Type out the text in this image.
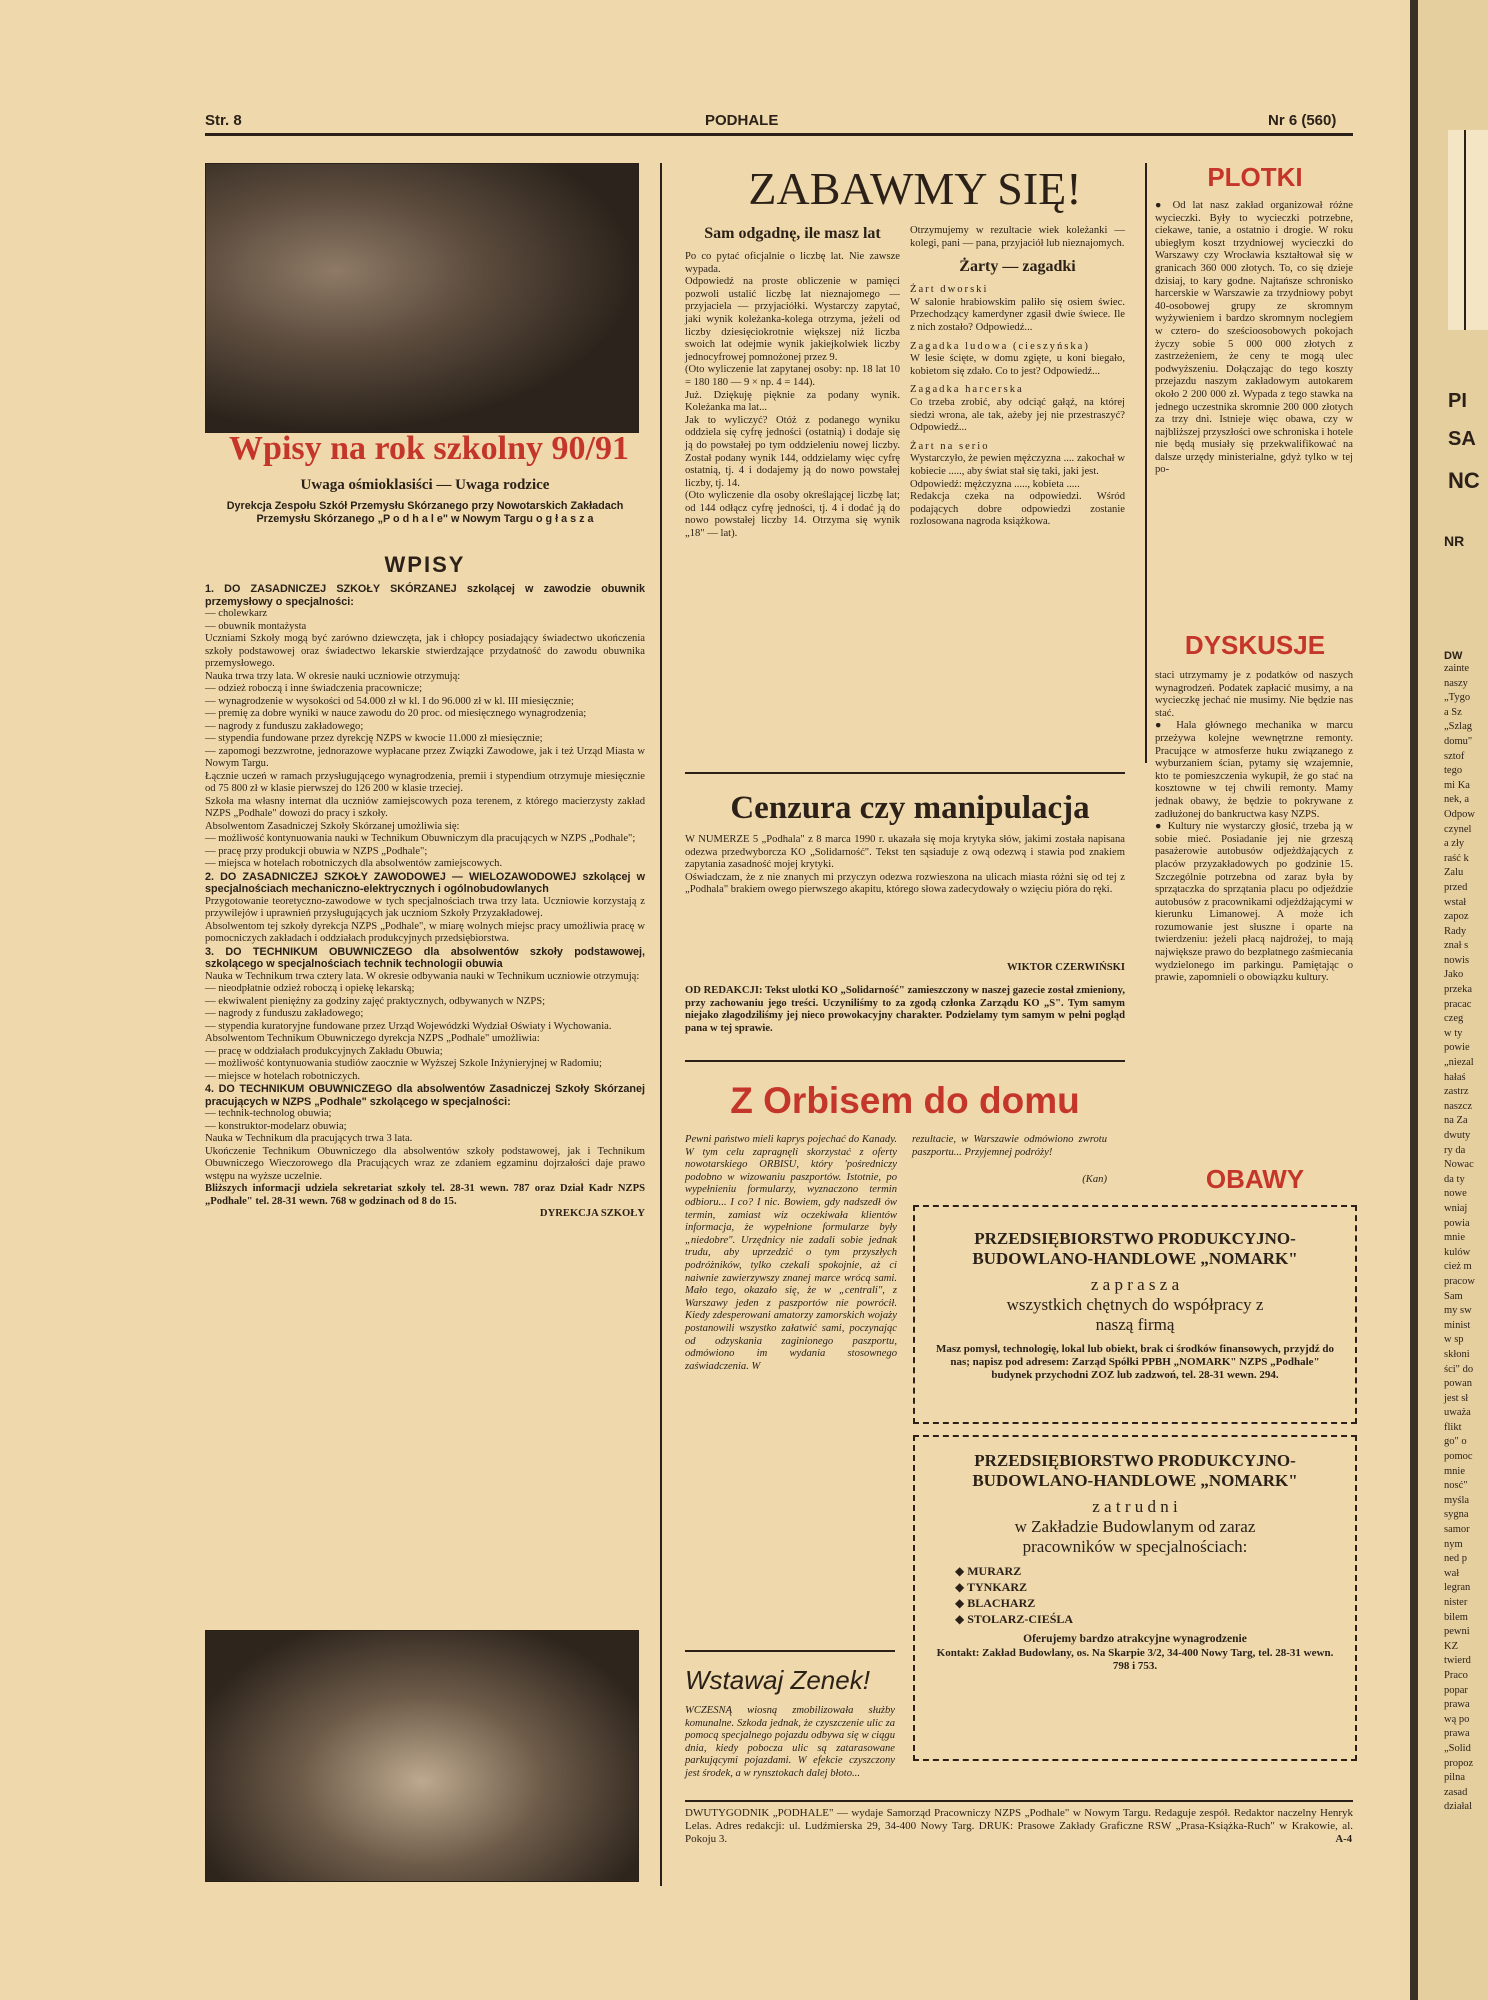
Str. 8	PODHALE	Nr 6 (560)
Wpisy na rok szkolny 90/91
Uwaga ośmioklasiści — Uwaga rodzice
Dyrekcja Zespołu Szkół Przemysłu Skórzanego przy Nowotarskich Zakładach Przemysłu Skórzanego „P o d h a l e" w Nowym Targu o g ł a s z a
WPISY
1. DO ZASADNICZEJ SZKOŁY SKÓRZANEJ szkolącej w zawodzie obuwnik przemysłowy o specjalności:
— cholewkarz
— obuwnik montażysta
Uczniami Szkoły mogą być zarówno dziewczęta, jak i chłopcy posiadający świadectwo ukończenia szkoły podstawowej oraz świadectwo lekarskie stwierdzające przydatność do zawodu obuwnika przemysłowego.
Nauka trwa trzy lata. W okresie nauki uczniowie otrzymują:
— odzież roboczą i inne świadczenia pracownicze;
— wynagrodzenie w wysokości od 54.000 zł w kl. I do 96.000 zł w kl. III miesięcznie;
— premię za dobre wyniki w nauce zawodu do 20 proc. od miesięcznego wynagrodzenia;
— nagrody z funduszu zakładowego;
— stypendia fundowane przez dyrekcję NZPS w kwocie 11.000 zł miesięcznie;
— zapomogi bezzwrotne, jednorazowe wypłacane przez Związki Zawodowe, jak i też Urząd Miasta w Nowym Targu.
Łącznie uczeń w ramach przysługującego wynagrodzenia, premii i stypendium otrzymuje miesięcznie od 75 800 zł w klasie pierwszej do 126 200 w klasie trzeciej.
Szkoła ma własny internat dla uczniów zamiejscowych poza terenem, z którego macierzysty zakład NZPS „Podhale" dowozi do pracy i szkoły.
Absolwentom Zasadniczej Szkoły Skórzanej umożliwia się:
— możliwość kontynuowania nauki w Technikum Obuwniczym dla pracujących w NZPS „Podhale";
— pracę przy produkcji obuwia w NZPS „Podhale";
— miejsca w hotelach robotniczych dla absolwentów zamiejscowych.
2. DO ZASADNICZEJ SZKOŁY ZAWODOWEJ — WIELOZAWODOWEJ szkolącej w specjalnościach mechaniczno-elektrycznych i ogólnobudowlanych
Przygotowanie teoretyczno-zawodowe w tych specjalnościach trwa trzy lata. Uczniowie korzystają z przywilejów i uprawnień przysługujących jak uczniom Szkoły Przyzakładowej.
Absolwentom tej szkoły dyrekcja NZPS „Podhale", w miarę wolnych miejsc pracy umożliwia pracę w pomocniczych zakładach i oddziałach produkcyjnych przedsiębiorstwa.
3. DO TECHNIKUM OBUWNICZEGO dla absolwentów szkoły podstawowej, szkolącego w specjalnościach technik technologii obuwia
Nauka w Technikum trwa cztery lata. W okresie odbywania nauki w Technikum uczniowie otrzymują:
— nieodpłatnie odzież roboczą i opiekę lekarską;
— ekwiwalent pieniężny za godziny zajęć praktycznych, odbywanych w NZPS;
— nagrody z funduszu zakładowego;
— stypendia kuratoryjne fundowane przez Urząd Wojewódzki Wydział Oświaty i Wychowania.
Absolwentom Technikum Obuwniczego dyrekcja NZPS „Podhale" umożliwia:
— pracę w oddziałach produkcyjnych Zakładu Obuwia;
— możliwość kontynuowania studiów zaocznie w Wyższej Szkole Inżynieryjnej w Radomiu;
— miejsce w hotelach robotniczych.
4. DO TECHNIKUM OBUWNICZEGO dla absolwentów Zasadniczej Szkoły Skórzanej pracujących w NZPS „Podhale" szkolącego w specjalności:
— technik-technolog obuwia;
— konstruktor-modelarz obuwia;
Nauka w Technikum dla pracujących trwa 3 lata.
Ukończenie Technikum Obuwniczego dla absolwentów szkoły podstawowej, jak i Technikum Obuwniczego Wieczorowego dla Pracujących wraz ze zdaniem egzaminu dojrzałości daje prawo wstępu na wyższe uczelnie.
Bliższych informacji udziela sekretariat szkoły tel. 28-31 wewn. 787 oraz Dział Kadr NZPS „Podhale" tel. 28-31 wewn. 768 w godzinach od 8 do 15.
DYREKCJA SZKOŁY
ZABAWMY SIĘ!
Sam odgadnę, ile masz lat
Po co pytać oficjalnie o liczbę lat. Nie zawsze wypada.
Odpowiedź na proste obliczenie w pamięci pozwoli ustalić liczbę lat nieznajomego — przyjaciela — przyjaciółki. Wystarczy zapytać, jaki wynik koleżanka-kolega otrzyma, jeżeli od liczby dziesięciokrotnie większej niż liczba swoich lat odejmie wynik jakiejkolwiek liczby jednocyfrowej pomnożonej przez 9.
(Oto wyliczenie lat zapytanej osoby: np. 18 lat 10 = 180 180 — 9 × np. 4 = 144).
Już. Dziękuję pięknie za podany wynik. Koleżanka ma lat...
Jak to wyliczyć? Otóż z podanego wyniku oddziela się cyfrę jedności (ostatnią) i dodaje się ją do powstałej po tym oddzieleniu nowej liczby. Został podany wynik 144, oddzielamy więc cyfrę ostatnią, tj. 4 i dodajemy ją do nowo powstałej liczby, tj. 14.
(Oto wyliczenie dla osoby określającej liczbę lat; od 144 odłącz cyfrę jedności, tj. 4 i dodać ją do nowo powstałej liczby 14. Otrzyma się wynik „18" — lat).
Otrzymujemy w rezultacie wiek koleżanki — kolegi, pani — pana, przyjaciół lub nieznajomych.
Żarty — zagadki
Żart dworski
W salonie hrabiowskim paliło się osiem świec. Przechodzący kamerdyner zgasił dwie świece. Ile z nich zostało? Odpowiedź...
Zagadka ludowa (cieszyńska)
W lesie ścięte, w domu zgięte, u koni biegało, kobietom się zdało. Co to jest? Odpowiedź...
Zagadka harcerska
Co trzeba zrobić, aby odciąć gałąź, na której siedzi wrona, ale tak, ażeby jej nie przestraszyć? Odpowiedź...
Żart na serio
Wystarczyło, że pewien mężczyzna .... zakochał w kobiecie ....., aby świat stał się taki, jaki jest.
Odpowiedź: mężczyzna ....., kobieta .....
Redakcja czeka na odpowiedzi. Wśród podających dobre odpowiedzi zostanie rozlosowana nagroda książkowa.
Cenzura czy manipulacja
W NUMERZE 5 „Podhala" z 8 marca 1990 r. ukazała się moja krytyka słów, jakimi została napisana odezwa przedwyborcza KO „Solidarność". Tekst ten sąsiaduje z ową odezwą i stawia pod znakiem zapytania zasadność mojej krytyki.
Oświadczam, że z nie znanych mi przyczyn odezwa rozwieszona na ulicach miasta różni się od tej z „Podhala" brakiem owego pierwszego akapitu, którego słowa zadecydowały o wzięciu pióra do ręki.
WIKTOR CZERWIŃSKI
OD REDAKCJI: Tekst ulotki KO „Solidarność" zamieszczony w naszej gazecie został zmieniony, przy zachowaniu jego treści. Uczyniliśmy to za zgodą członka Zarządu KO „S". Tym samym niejako złagodziliśmy jej nieco prowokacyjny charakter. Podzielamy tym samym w pełni pogląd pana w tej sprawie.
Z Orbisem do domu
Pewni państwo mieli kaprys pojechać do Kanady. W tym celu zapragnęli skorzystać z oferty nowotarskiego ORBISU, który 'pośredniczy podobno w wizowaniu paszportów. Istotnie, po wypełnieniu formularzy, wyznaczono termin odbioru... I co? I nic. Bowiem, gdy nadszedł ów termin, zamiast wiz oczekiwała klientów informacja, że wypełnione formularze były „niedobre". Urzędnicy nie zadali sobie jednak trudu, aby uprzedzić o tym przyszłych podróżników, tylko czekali spokojnie, aż ci naiwnie zawierzywszy znanej marce wrócą sami. Mało tego, okazało się, że w „centrali", z Warszawy jeden z paszportów nie powrócił. Kiedy zdesperowani amatorzy zamorskich wojaży postanowili wszystko załatwić sami, poczynając od odzyskania zaginionego paszportu, odmówiono im wydania stosownego zaświadczenia. W
rezultacie, w Warszawie odmówiono zwrotu paszportu... Przyjemnej podróży!
(Kan)
Wstawaj Zenek!
WCZESNĄ wiosną zmobilizowała służby komunalne. Szkoda jednak, że czyszczenie ulic za pomocą specjalnego pojazdu odbywa się w ciągu dnia, kiedy pobocza ulic są zatarasowane parkującymi pojazdami. W efekcie czyszczony jest środek, a w rynsztokach dalej błoto...
PRZEDSIĘBIORSTWO PRODUKCYJNO-BUDOWLANO-HANDLOWE „NOMARK"
z a p r a s z a
wszystkich chętnych do współpracy z naszą firmą
Masz pomysł, technologię, lokal lub obiekt, brak ci środków finansowych, przyjdź do nas; napisz pod adresem: Zarząd Spółki PPBH „NOMARK" NZPS „Podhale" budynek przychodni ZOZ lub zadzwoń, tel. 28-31 wewn. 294.
PRZEDSIĘBIORSTWO PRODUKCYJNO-BUDOWLANO-HANDLOWE „NOMARK"
z a t r u d n i
w Zakładzie Budowlanym od zaraz pracowników w specjalnościach:
◆ MURARZ
◆ TYNKARZ
◆ BLACHARZ
◆ STOLARZ-CIEŚLA
Oferujemy bardzo atrakcyjne wynagrodzenie
Kontakt: Zakład Budowlany, os. Na Skarpie 3/2, 34-400 Nowy Targ, tel. 28-31 wewn. 798 i 753.
DWUTYGODNIK „PODHALE" — wydaje Samorząd Pracowniczy NZPS „Podhale" w Nowym Targu. Redaguje zespół. Redaktor naczelny Henryk Lelas. Adres redakcji: ul. Ludźmierska 29, 34-400 Nowy Targ. DRUK: Prasowe Zakłady Graficzne RSW „Prasa-Książka-Ruch" w Krakowie, al. Pokoju 3.	A-4
PLOTKI
● Od lat nasz zakład organizował różne wycieczki. Były to wycieczki potrzebne, ciekawe, tanie, a ostatnio i drogie. W roku ubiegłym koszt trzydniowej wycieczki do Warszawy czy Wrocławia kształtował się w granicach 360 000 złotych. To, co się dzieje dzisiaj, to kary godne. Najtańsze schronisko harcerskie w Warszawie za trzydniowy pobyt 40-osobowej grupy ze skromnym wyżywieniem i bardzo skromnym noclegiem w cztero- do sześcioosobowych pokojach życzy sobie 5 000 000 złotych z zastrzeżeniem, że ceny te mogą ulec podwyższeniu. Dołączając do tego koszty przejazdu naszym zakładowym autokarem około 2 200 000 zł. Wypada z tego stawka na jednego uczestnika skromnie 200 000 złotych za trzy dni. Istnieje więc obawa, czy w najbliższej przyszłości owe schroniska i hotele nie będą musiały się przekwalifikować na dalsze urzędy ministerialne, gdyż tylko w tej po-
DYSKUSJE
staci utrzymamy je z podatków od naszych wynagrodzeń. Podatek zapłacić musimy, a na wycieczkę jechać nie musimy. Nie będzie nas stać.
● Hala głównego mechanika w marcu przeżywa kolejne wewnętrzne remonty. Pracujące w atmosferze huku związanego z wyburzaniem ścian, pytamy się wzajemnie, kto te pomieszczenia wykupił, że go stać na kosztowne w tej chwili remonty. Mamy jednak obawy, że będzie to pokrywane z zadłużonej do bankructwa kasy NZPS.
● Kultury nie wystarczy głosić, trzeba ją w sobie mieć. Posiadanie jej nie grzeszą pasażerowie autobusów odjeżdżających z placów przyzakładowych po godzinie 15. Szczególnie potrzebna od zaraz była by sprzątaczka do sprzątania placu po odjeździe autobusów z pracownikami odjeżdżającymi w kierunku Limanowej. A może ich rozumowanie jest słuszne i oparte na twierdzeniu: jeżeli płacą najdrożej, to mają największe prawo do bezpłatnego zaśmiecania wydzielonego im parkingu. Pamiętając o prawie, zapomnieli o obowiązku kultury.
OBAWY
PI
SA
NC
NR
DW
zainte
naszy
„Tygo
a Sz
„Szlag
domu"
sztof
tego
mi Ka
nek, a
Odpow
czynel
a zły
raść k
Zalu
przed
wstał
zapoz
Rady
znał s
nowis
Jako
przeka
pracac
czeg
w ty
powie
„niezal
hałaś
zastrz
naszcz
na Za
dwuty
ry da
Nowac
da ty
nowe
wniaj
powia
mnie
kulów
cież m
pracow
Sam
my sw
minist
w sp
skłoni
ści" do
powan
jest sł
uważa
flikt
go" o
pomoc
mnie
nosć"
myśla
sygna
samor
nym
ned p
wał
legran
nister
bilem
pewni
KZ
twierd
Praco
popar
prawa
wą po
prawa
„Solid
propoz
pilna
zasad
działal
